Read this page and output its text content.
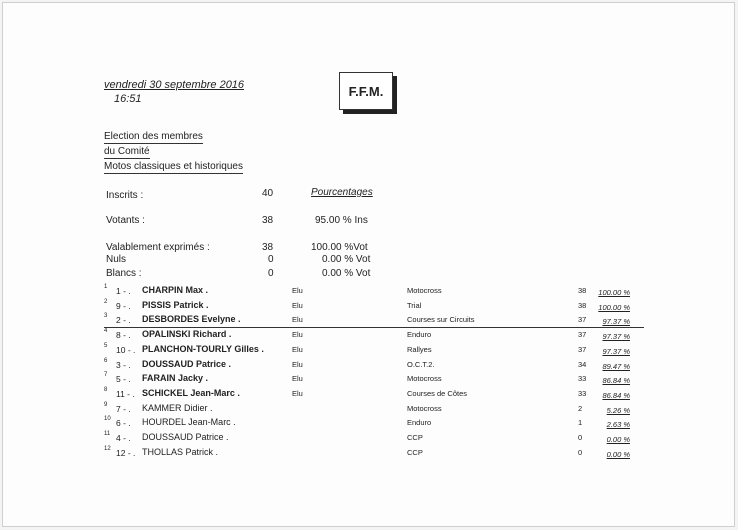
vendredi 30 septembre 2016
16:51
F.F.M.
Election des membres
du Comité
Motos classiques et historiques
Inscrits :	40	Pourcentages
Votants :	38	95.00 % Ins
Valablement exprimés :	38	100.00 %Vot
Nuls	0	0.00 % Vot
Blancs :	0	0.00 % Vot
1 1 - . CHARPIN Max .	Elu	Motocross	38	100.00 %
2 9 - . PISSIS Patrick .	Elu	Trial	38	100.00 %
3 2 - . DESBORDES Evelyne .	Elu	Courses sur Circuits	37	97.37 %
4 8 - . OPALINSKI Richard .	Elu	Enduro	37	97.37 %
5 10 - . PLANCHON-TOURLY Gilles .	Elu	Rallyes	37	97.37 %
6 3 - . DOUSSAUD Patrice .	Elu	O.C.T.2.	34	89.47 %
7 5 - . FARAIN Jacky .	Elu	Motocross	33	86.84 %
8 11 - . SCHICKEL Jean-Marc .	Elu	Courses de Côtes	33	86.84 %
9 7 - . KAMMER Didier .	Motocross	2	5.26 %
10 6 - . HOURDEL Jean-Marc .	Enduro	1	2.63 %
11 4 - . DOUSSAUD Patrice .	CCP	0	0.00 %
12 12 - . THOLLAS Patrick .	CCP	0	0.00 %
